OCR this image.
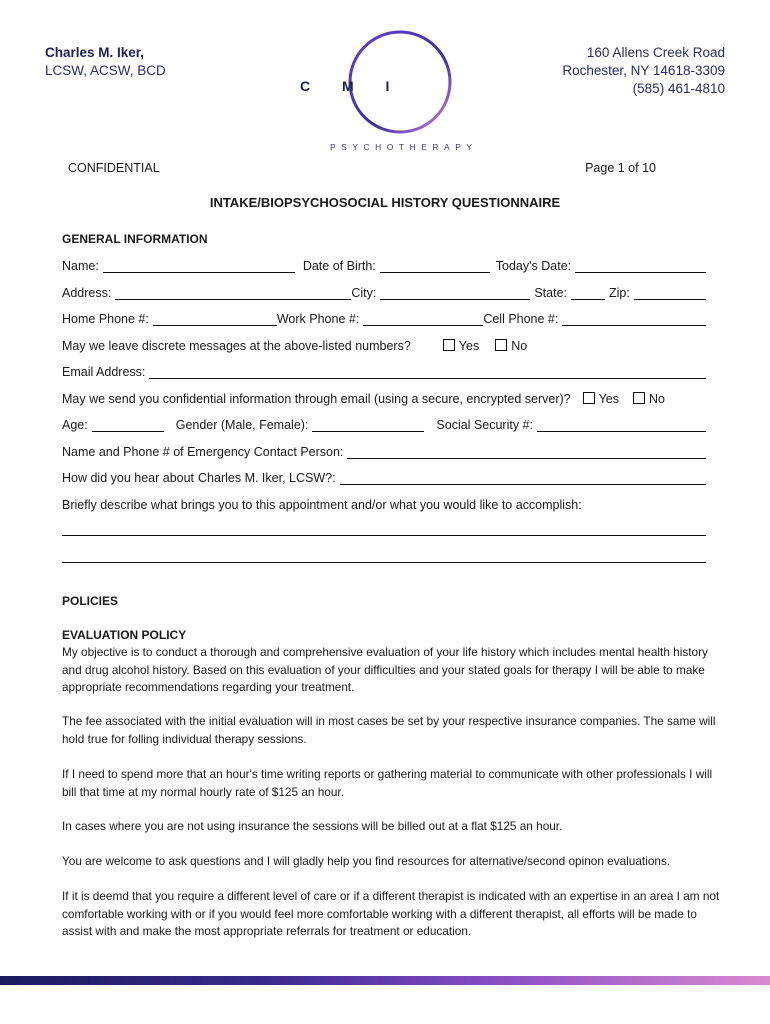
Charles M. Iker,
LCSW, ACSW, BCD
C M I
PSYCHOTHERAPY
160 Allens Creek Road
Rochester, NY 14618-3309
(585) 461-4810
CONFIDENTIAL	Page 1 of 10
INTAKE/BIOPSYCHOSOCIAL HISTORY QUESTIONNAIRE
GENERAL INFORMATION
Name:	Date of Birth:	Today's Date:
Address:	City:	State:	Zip:
Home Phone #:	Work Phone #:	Cell Phone #:
May we leave discrete messages at the above-listed numbers?	Yes	No
Email Address:
May we send you confidential information through email (using a secure, encrypted server)? Yes No
Age:	Gender (Male, Female):	Social Security #:
Name and Phone # of Emergency Contact Person:
How did you hear about Charles M. Iker, LCSW?:
Briefly describe what brings you to this appointment and/or what you would like to accomplish:
POLICIES
EVALUATION POLICY
My objective is to conduct a thorough and comprehensive evaluation of your life history which includes mental health history and drug alcohol history. Based on this evaluation of your difficulties and your stated goals for therapy I will be able to make appropriate recommendations regarding your treatment.
The fee associated with the initial evaluation will in most cases be set by your respective insurance companies. The same will hold true for folling individual therapy sessions.
If I need to spend more that an hour's time writing reports or gathering material to communicate with other professionals I will bill that time at my normal hourly rate of $125 an hour.
In cases where you are not using insurance the sessions will be billed out at a flat $125 an hour.
You are welcome to ask questions and I will gladly help you find resources for alternative/second opinon evaluations.
If it is deemd that you require a different level of care or if a different therapist is indicated with an expertise in an area I am not comfortable working with or if you would feel more comfortable working with a different therapist, all efforts will be made to assist with and make the most appropriate referrals for treatment or education.
